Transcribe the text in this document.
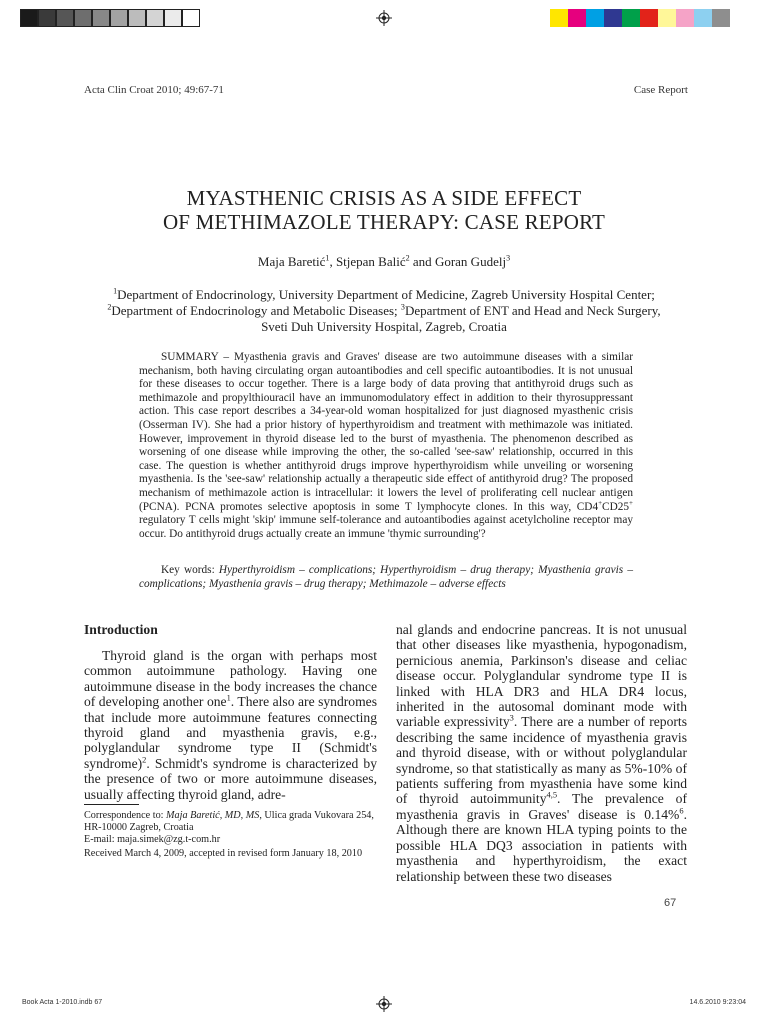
Acta Clin Croat 2010; 49:67-71	Case Report
MYASTHENIC CRISIS AS A SIDE EFFECT
OF METHIMAZOLE THERAPY: CASE REPORT
Maja Baretić$^1$, Stjepan Balić$^2$ and Goran Gudelj$^3$
$^1$Department of Endocrinology, University Department of Medicine, Zagreb University Hospital Center;
$^2$Department of Endocrinology and Metabolic Diseases; $^3$Department of ENT and Head and Neck Surgery,
Sveti Duh University Hospital, Zagreb, Croatia

SUMMARY – Myasthenia gravis and Graves' disease are two autoimmune diseases with a similar mechanism, both having circulating organ autoantibodies and cell specific autoantibodies. It is not unusual for these diseases to occur together. There is a large body of data proving that antithyroid drugs such as methimazole and propylthiouracil have an immunomodulatory effect in addition to their thyrosuppressant action. This case report describes a 34-year-old woman hospitalized for just diagnosed myasthenic crisis (Osserman IV). She had a prior history of hyperthyroidism and treatment with methimazole was initiated. However, improvement in thyroid disease led to the burst of myasthenia. The phenomenon described as worsening of one disease while improving the other, the so-called 'see-saw' relationship, occurred in this case. The question is whether antithyroid drugs improve hyperthyroidism while unveiling or worsening myasthenia. Is the 'see-saw' relationship actually a therapeutic side effect of antithyroid drug? The proposed mechanism of methimazole action is intracellular: it lowers the level of proliferating cell nuclear antigen (PCNA). PCNA promotes selective apoptosis in some T lymphocyte clones. In this way, CD4+CD25+ regulatory T cells might 'skip' immune self-tolerance and autoantibodies against acetylcholine receptor may occur. Do antithyroid drugs actually create an immune 'thymic surrounding'?

Key words: Hyperthyroidism – complications; Hyperthyroidism – drug therapy; Myasthenia gravis – complications; Myasthenia gravis – drug therapy; Methimazole – adverse effects

Introduction

Thyroid gland is the organ with perhaps most common autoimmune pathology. Having one autoimmune disease in the body increases the chance of developing another one$^1$. There also are syndromes that include more autoimmune features connecting thyroid gland and myasthenia gravis, e.g., polyglandular syndrome type II (Schmidt's syndrome)$^2$. Schmidt's syndrome is characterized by the presence of two or more autoimmune diseases, usually affecting thyroid gland, adre-

nal glands and endocrine pancreas. It is not unusual that other diseases like myasthenia, hypogonadism, pernicious anemia, Parkinson's disease and celiac disease occur. Polyglandular syndrome type II is linked with HLA DR3 and HLA DR4 locus, inherited in the autosomal dominant mode with variable expressivity$^3$. There are a number of reports describing the same incidence of myasthenia gravis and thyroid disease, with or without polyglandular syndrome, so that statistically as many as 5%-10% of patients suffering from myasthenia have some kind of thyroid autoimmunity$^{4,5}$. The prevalence of myasthenia gravis in Graves' disease is 0.14%$^6$. Although there are known HLA typing points to the possible HLA DQ3 association in patients with myasthenia and hyperthyroidism, the exact relationship between these two diseases

Correspondence to: Maja Baretić, MD, MS, Ulica grada Vukovara 254, HR-10000 Zagreb, Croatia
E-mail: maja.simek@zg.t-com.hr

Received March 4, 2009, accepted in revised form January 18, 2010

67
Book Acta 1-2010.indb 67	14.6.2010 9:23:04
